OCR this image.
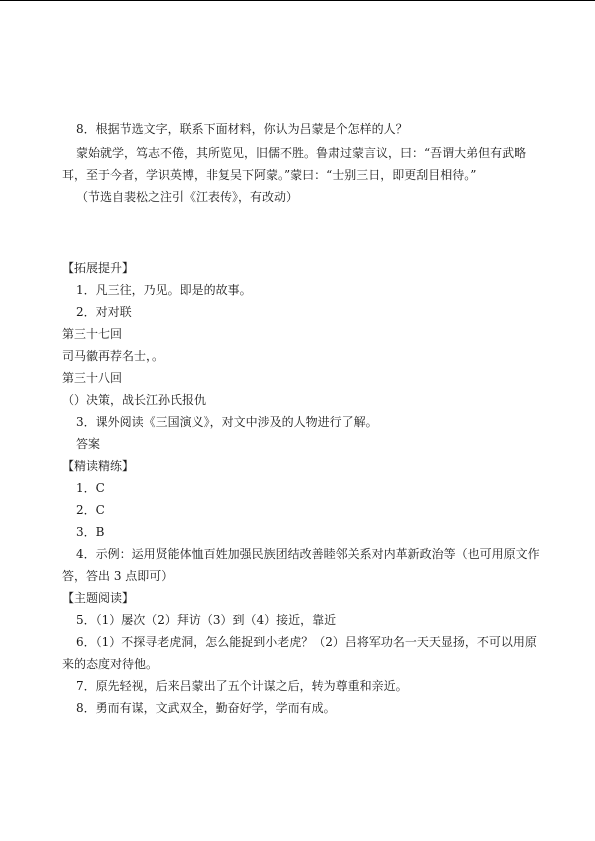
8．根据节选文字，联系下面材料，你认为吕蒙是个怎样的人？
蒙始就学，笃志不倦，其所览见，旧儒不胜。鲁肃过蒙言议，曰：“吾谓大弟但有武略
耳，至于今者，学识英博，非复吴下阿蒙。”蒙曰：“士别三日，即更刮目相待。”
（节选自裴松之注引《江表传》，有改动）
【拓展提升】
1．凡三往，乃见。即是的故事。
2．对对联
第三十七回
司马徽再荐名士，。
第三十八回
（）决策，战长江孙氏报仇
3．课外阅读《三国演义》，对文中涉及的人物进行了解。
答案
【精读精练】
1．C
2．C
3．B
4．示例：运用贤能体恤百姓加强民族团结改善睦邻关系对内革新政治等（也可用原文作
答，答出 3 点即可）
【主题阅读】
5．（1）屡次（2）拜访（3）到（4）接近，靠近
6．（1）不探寻老虎洞，怎么能捉到小老虎？（2）吕将军功名一天天显扬，不可以用原
来的态度对待他。
7．原先轻视，后来吕蒙出了五个计谋之后，转为尊重和亲近。
8．勇而有谋，文武双全，勤奋好学，学而有成。
